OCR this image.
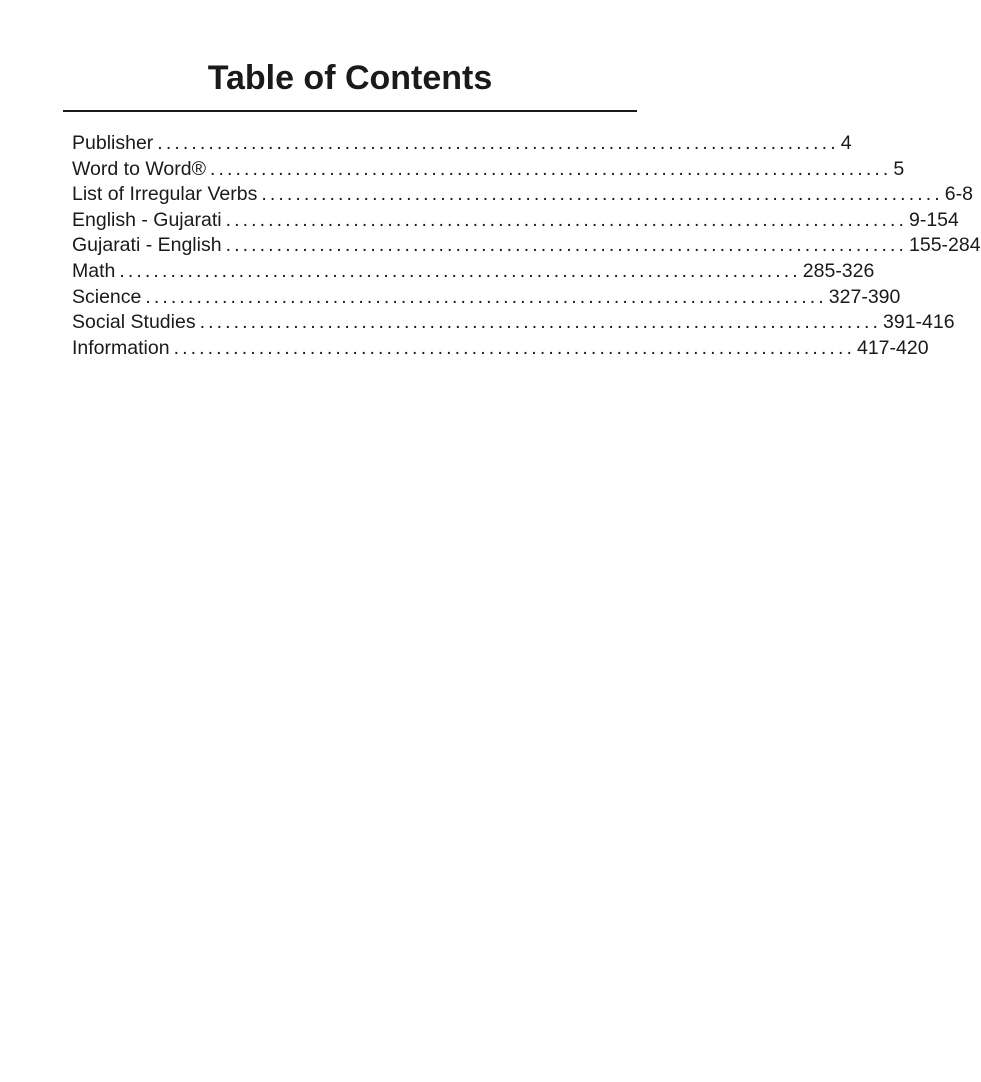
Table of Contents
Publisher ................................................................................ 4
Word to Word® ................................................................................ 5
List of Irregular Verbs ................................................................................ 6-8
English - Gujarati ................................................................................ 9-154
Gujarati - English ................................................................................ 155-284
Math ................................................................................ 285-326
Science ................................................................................ 327-390
Social Studies ................................................................................ 391-416
Information ................................................................................ 417-420
